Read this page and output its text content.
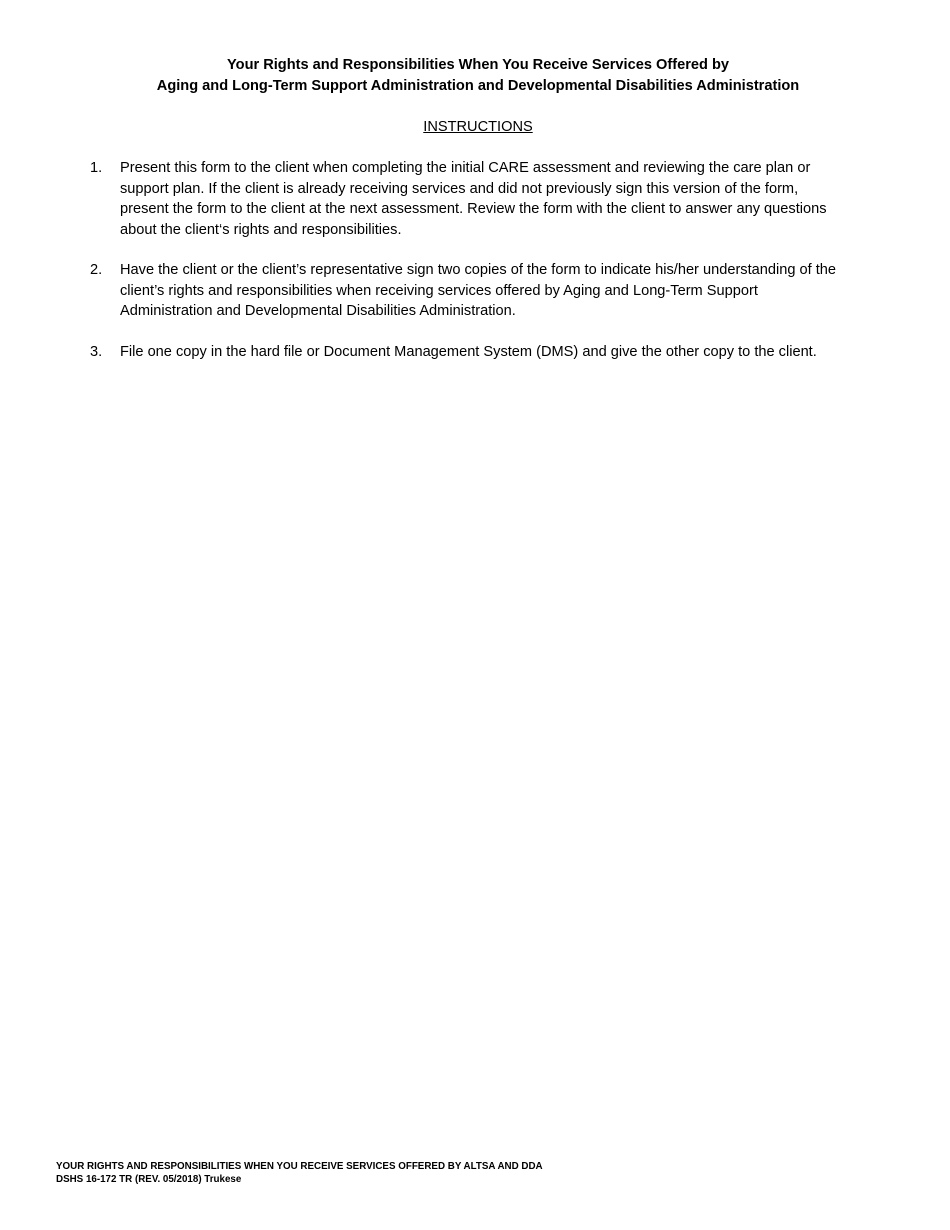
Your Rights and Responsibilities When You Receive Services Offered by
Aging and Long-Term Support Administration and Developmental Disabilities Administration
INSTRUCTIONS
1.	Present this form to the client when completing the initial CARE assessment and reviewing the care plan or
support plan. If the client is already receiving services and did not previously sign this version of the form,
present the form to the client at the next assessment. Review the form with the client to answer any questions
about the client‘s rights and responsibilities.
2.	Have the client or the client’s representative sign two copies of the form to indicate his/her understanding of the
client’s rights and responsibilities when receiving services offered by Aging and Long-Term Support
Administration and Developmental Disabilities Administration.
3.	File one copy in the hard file or Document Management System (DMS) and give the other copy to the client.
YOUR RIGHTS AND RESPONSIBILITIES WHEN YOU RECEIVE SERVICES OFFERED BY ALTSA AND DDA
DSHS 16-172 TR (REV. 05/2018) Trukese
